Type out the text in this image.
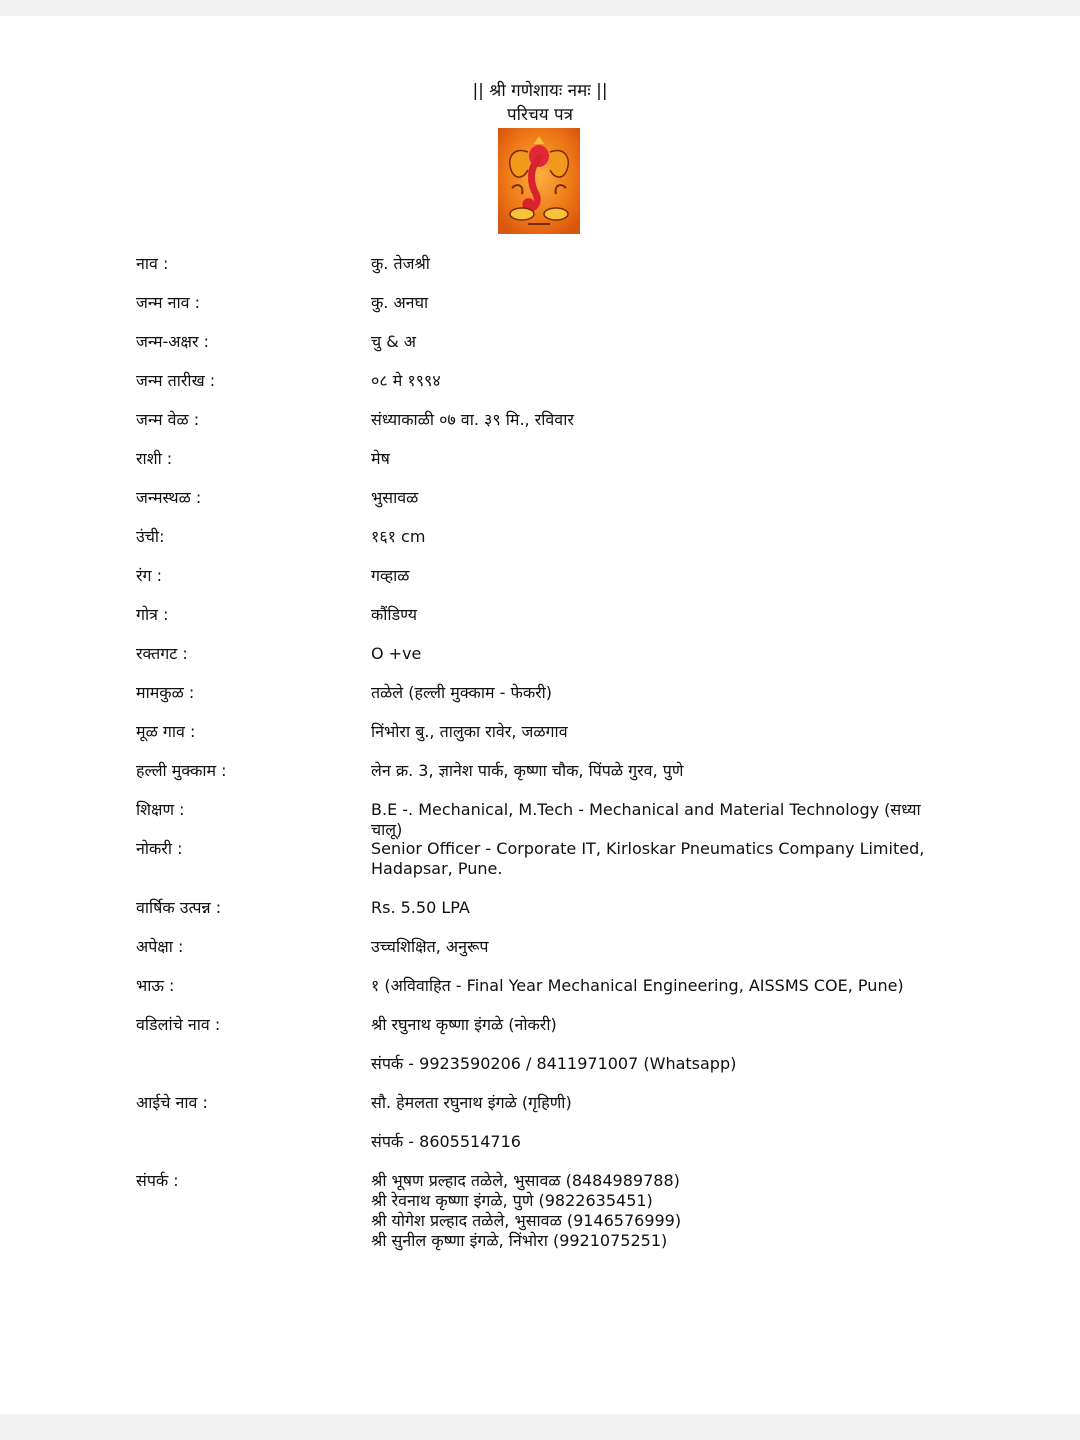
|| श्री गणेशायः नमः ||
परिचय पत्र
नाव :	कु. तेजश्री
जन्म नाव :	कु. अनघा
जन्म-अक्षर :	चु & अ
जन्म तारीख :	०८ मे १९९४
जन्म वेळ :	संध्याकाळी ०७ वा. ३९ मि., रविवार
राशी :	मेष
जन्मस्थळ :	भुसावळ
उंची:	१६१ cm
रंग :	गव्हाळ
गोत्र :	कौंडिण्य
रक्तगट :	O +ve
मामकुळ :	तळेले (हल्ली मुक्काम - फेकरी)
मूळ गाव :	निंभोरा बु., तालुका रावेर, जळगाव
हल्ली मुक्काम :	लेन क्र. 3, ज्ञानेश पार्क, कृष्णा चौक, पिंपळे गुरव, पुणे
शिक्षण :	B.E -. Mechanical, M.Tech - Mechanical and Material Technology (सध्या चालू)
नोकरी :	Senior Officer - Corporate IT, Kirloskar Pneumatics Company Limited,
Hadapsar, Pune.
वार्षिक उत्पन्न :	Rs. 5.50 LPA
अपेक्षा :	उच्चशिक्षित, अनुरूप
भाऊ :	१ (अविवाहित - Final Year Mechanical Engineering, AISSMS COE, Pune)
वडिलांचे नाव :	श्री रघुनाथ कृष्णा इंगळे (नोकरी)
संपर्क - 9923590206 / 8411971007 (Whatsapp)
आईचे नाव :	सौ. हेमलता रघुनाथ इंगळे (गृहिणी)
संपर्क - 8605514716
संपर्क :	श्री भूषण प्रल्हाद तळेले, भुसावळ (8484989788)
श्री रेवनाथ कृष्णा इंगळे, पुणे (9822635451)
श्री योगेश प्रल्हाद तळेले, भुसावळ (9146576999)
श्री सुनील कृष्णा इंगळे, निंभोरा (9921075251)
